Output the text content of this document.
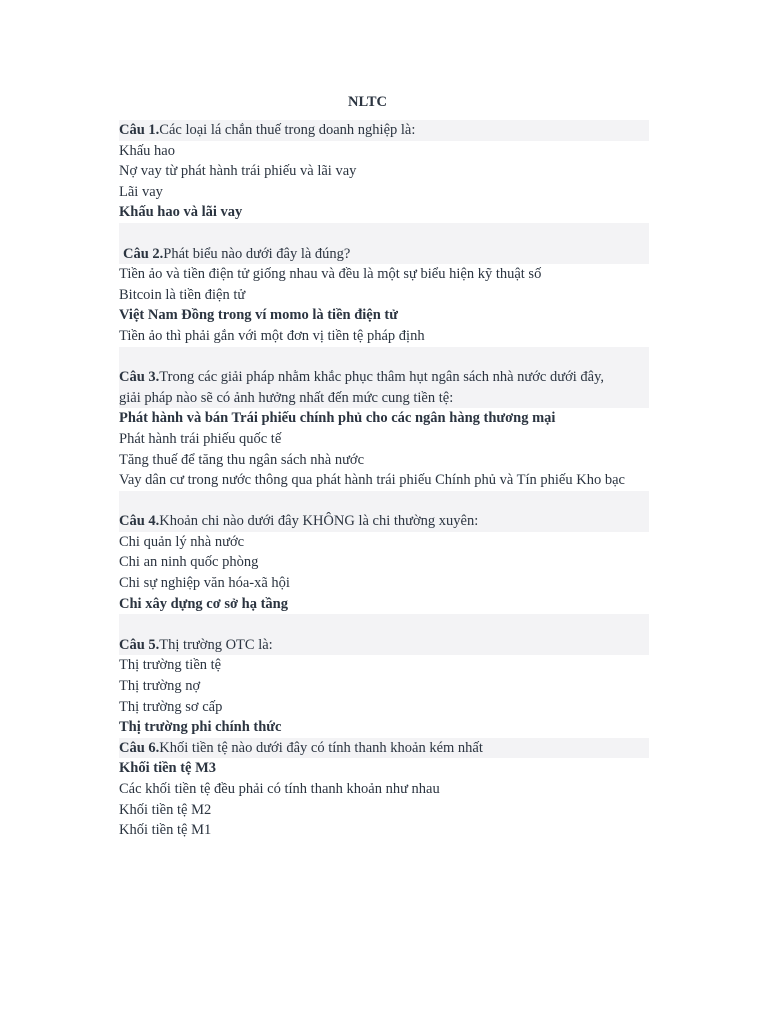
NLTC
Câu 1.Các loại lá chắn thuế trong doanh nghiệp là:
Khấu hao
Nợ vay từ phát hành trái phiếu và lãi vay
Lãi vay
Khấu hao và lãi vay
Câu 2.Phát biểu nào dưới đây là đúng?
Tiền ảo và tiền điện tử giống nhau và đều là một sự biểu hiện kỹ thuật số
Bitcoin là tiền điện tử
Việt Nam Đồng trong ví momo là tiền điện tử
Tiền ảo thì phải gắn với một đơn vị tiền tệ pháp định
Câu 3.Trong các giải pháp nhằm khắc phục thâm hụt ngân sách nhà nước dưới đây,
giải pháp nào sẽ có ảnh hưởng nhất đến mức cung tiền tệ:
Phát hành và bán Trái phiếu chính phủ cho các ngân hàng thương mại
Phát hành trái phiếu quốc tế
Tăng thuế để tăng thu ngân sách nhà nước
Vay dân cư trong nước thông qua phát hành trái phiếu Chính phủ và Tín phiếu Kho bạc
Câu 4.Khoản chi nào dưới đây KHÔNG là chi thường xuyên:
Chi quản lý nhà nước
Chi an ninh quốc phòng
Chi sự nghiệp văn hóa-xã hội
Chi xây dựng cơ sở hạ tầng
Câu 5.Thị trường OTC là:
Thị trường tiền tệ
Thị trường nợ
Thị trường sơ cấp
Thị trường phi chính thức
Câu 6.Khối tiền tệ nào dưới đây có tính thanh khoản kém nhất
Khối tiền tệ M3
Các khối tiền tệ đều phải có tính thanh khoản như nhau
Khối tiền tệ M2
Khối tiền tệ M1
